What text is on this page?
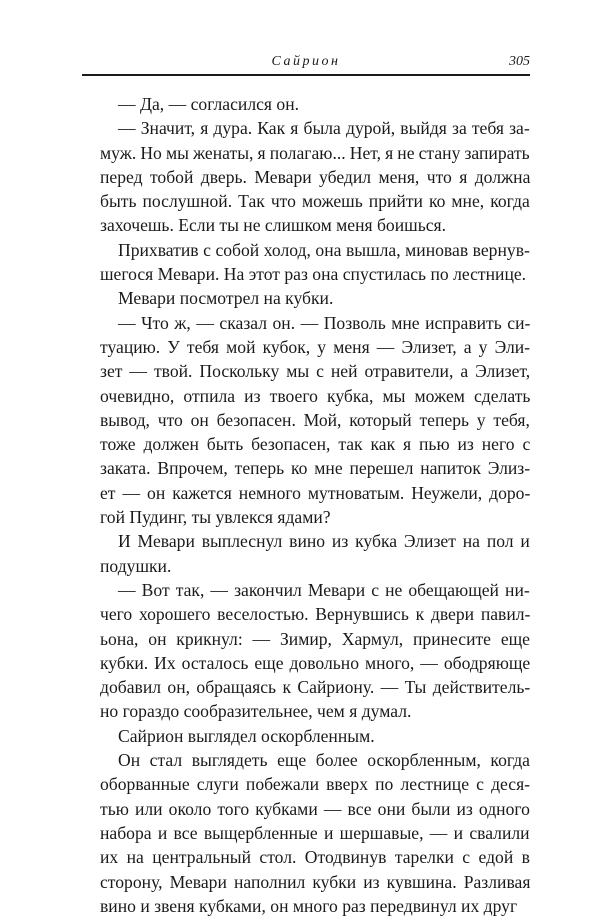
Сайрион	305

— Да, — согласился он.

— Значит, я дура. Как я была дурой, выйдя за тебя за-
муж. Но мы женаты, я полагаю... Нет, я не стану запирать
перед тобой дверь. Мевари убедил меня, что я должна
быть послушной. Так что можешь прийти ко мне, когда
захочешь. Если ты не слишком меня боишься.

Прихватив с собой холод, она вышла, миновав вернув-
шегося Мевари. На этот раз она спустилась по лестнице.

Мевари посмотрел на кубки.

— Что ж, — сказал он. — Позволь мне исправить си-
туацию. У тебя мой кубок, у меня — Элизет, а у Эли-
зет — твой. Поскольку мы с ней отравители, а Элизет,
очевидно, отпила из твоего кубка, мы можем сделать
вывод, что он безопасен. Мой, который теперь у тебя,
тоже должен быть безопасен, так как я пью из него с
заката. Впрочем, теперь ко мне перешел напиток Элиз-
ет — он кажется немного мутноватым. Неужели, доро-
гой Пудинг, ты увлекся ядами?

И Мевари выплеснул вино из кубка Элизет на пол и
подушки.

— Вот так, — закончил Мевари с не обещающей ни-
чего хорошего веселостью. Вернувшись к двери павил-
ьона, он крикнул: — Зимир, Хармул, принесите еще
кубки. Их осталось еще довольно много, — ободряюще
добавил он, обращаясь к Сайриону. — Ты действитель-
но гораздо сообразительнее, чем я думал.

Сайрион выглядел оскорбленным.

Он стал выглядеть еще более оскорбленным, когда
оборванные слуги побежали вверх по лестнице с деся-
тью или около того кубками — все они были из одного
набора и все выщербленные и шершавые, — и свалили
их на центральный стол. Отодвинув тарелки с едой в
сторону, Мевари наполнил кубки из кувшина. Разливая
вино и звеня кубками, он много раз передвинул их друг
